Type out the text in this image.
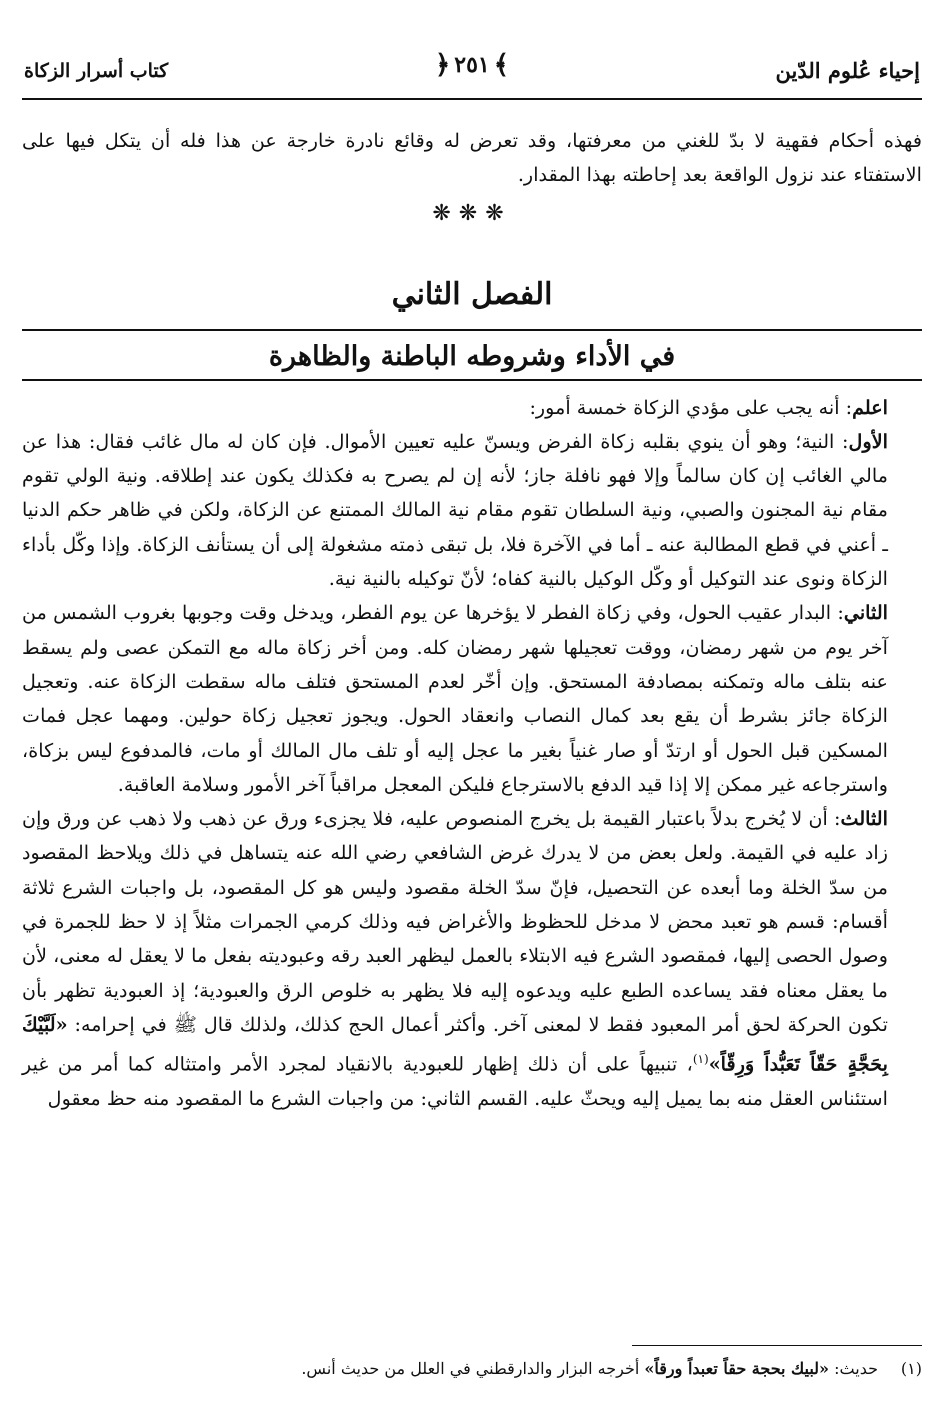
إحياء عُلوم الدّين
﴾
٢٥١
﴿
كتاب أسرار الزكاة

فهذه أحكام فقهية لا بدّ للغني من معرفتها، وقد تعرض له وقائع نادرة خارجة عن هذا فله أن يتكل فيها على الاستفتاء عند نزول الواقعة بعد إحاطته بهذا المقدار.

❋❋❋
الفصل الثاني
في الأداء وشروطه الباطنة والظاهرة

اعلم: أنه يجب على مؤدي الزكاة خمسة أمور:

الأول: النية؛ وهو أن ينوي بقلبه زكاة الفرض ويسنّ عليه تعيين الأموال. فإن كان له مال غائب فقال: هذا عن مالي الغائب إن كان سالماً وإلا فهو نافلة جاز؛ لأنه إن لم يصرح به فكذلك يكون عند إطلاقه. ونية الولي تقوم مقام نية المجنون والصبي، ونية السلطان تقوم مقام نية المالك الممتنع عن الزكاة، ولكن في ظاهر حكم الدنيا ـ أعني في قطع المطالبة عنه ـ أما في الآخرة فلا، بل تبقى ذمته مشغولة إلى أن يستأنف الزكاة. وإذا وكّل بأداء الزكاة ونوى عند التوكيل أو وكّل الوكيل بالنية كفاه؛ لأنّ توكيله بالنية نية.

الثاني: البدار عقيب الحول، وفي زكاة الفطر لا يؤخرها عن يوم الفطر، ويدخل وقت وجوبها بغروب الشمس من آخر يوم من شهر رمضان، ووقت تعجيلها شهر رمضان كله. ومن أخر زكاة ماله مع التمكن عصى ولم يسقط عنه بتلف ماله وتمكنه بمصادفة المستحق. وإن أخّر لعدم المستحق فتلف ماله سقطت الزكاة عنه. وتعجيل الزكاة جائز بشرط أن يقع بعد كمال النصاب وانعقاد الحول. ويجوز تعجيل زكاة حولين. ومهما عجل فمات المسكين قبل الحول أو ارتدّ أو صار غنياً بغير ما عجل إليه أو تلف مال المالك أو مات، فالمدفوع ليس بزكاة، واسترجاعه غير ممكن إلا إذا قيد الدفع بالاسترجاع فليكن المعجل مراقباً آخر الأمور وسلامة العاقبة.

الثالث: أن لا يُخرج بدلاً باعتبار القيمة بل يخرج المنصوص عليه، فلا يجزىء ورق عن ذهب ولا ذهب عن ورق وإن زاد عليه في القيمة. ولعل بعض من لا يدرك غرض الشافعي رضي الله عنه يتساهل في ذلك ويلاحظ المقصود من سدّ الخلة وما أبعده عن التحصيل، فإنّ سدّ الخلة مقصود وليس هو كل المقصود، بل واجبات الشرع ثلاثة أقسام: قسم هو تعبد محض لا مدخل للحظوظ والأغراض فيه وذلك كرمي الجمرات مثلاً إذ لا حظ للجمرة في وصول الحصى إليها، فمقصود الشرع فيه الابتلاء بالعمل ليظهر العبد رقه وعبوديته بفعل ما لا يعقل له معنى، لأن ما يعقل معناه فقد يساعده الطبع عليه ويدعوه إليه فلا يظهر به خلوص الرق والعبودية؛ إذ العبودية تظهر بأن تكون الحركة لحق أمر المعبود فقط لا لمعنى آخر. وأكثر أعمال الحج كذلك، ولذلك قال ﷺ في إحرامه: «لَبَّيْكَ بِحَجَّةٍ حَقّاً تَعَبُّداً وَرِقّاً»$^{(١)}$، تنبيهاً على أن ذلك إظهار للعبودية بالانقياد لمجرد الأمر وامتثاله كما أمر من غير استئناس العقل منه بما يميل إليه ويحثّ عليه. القسم الثاني: من واجبات الشرع ما المقصود منه حظ معقول

(١)حديث: «لبيك بحجة حقاً تعبداً ورقاً» أخرجه البزار والدارقطني في العلل من حديث أنس.
